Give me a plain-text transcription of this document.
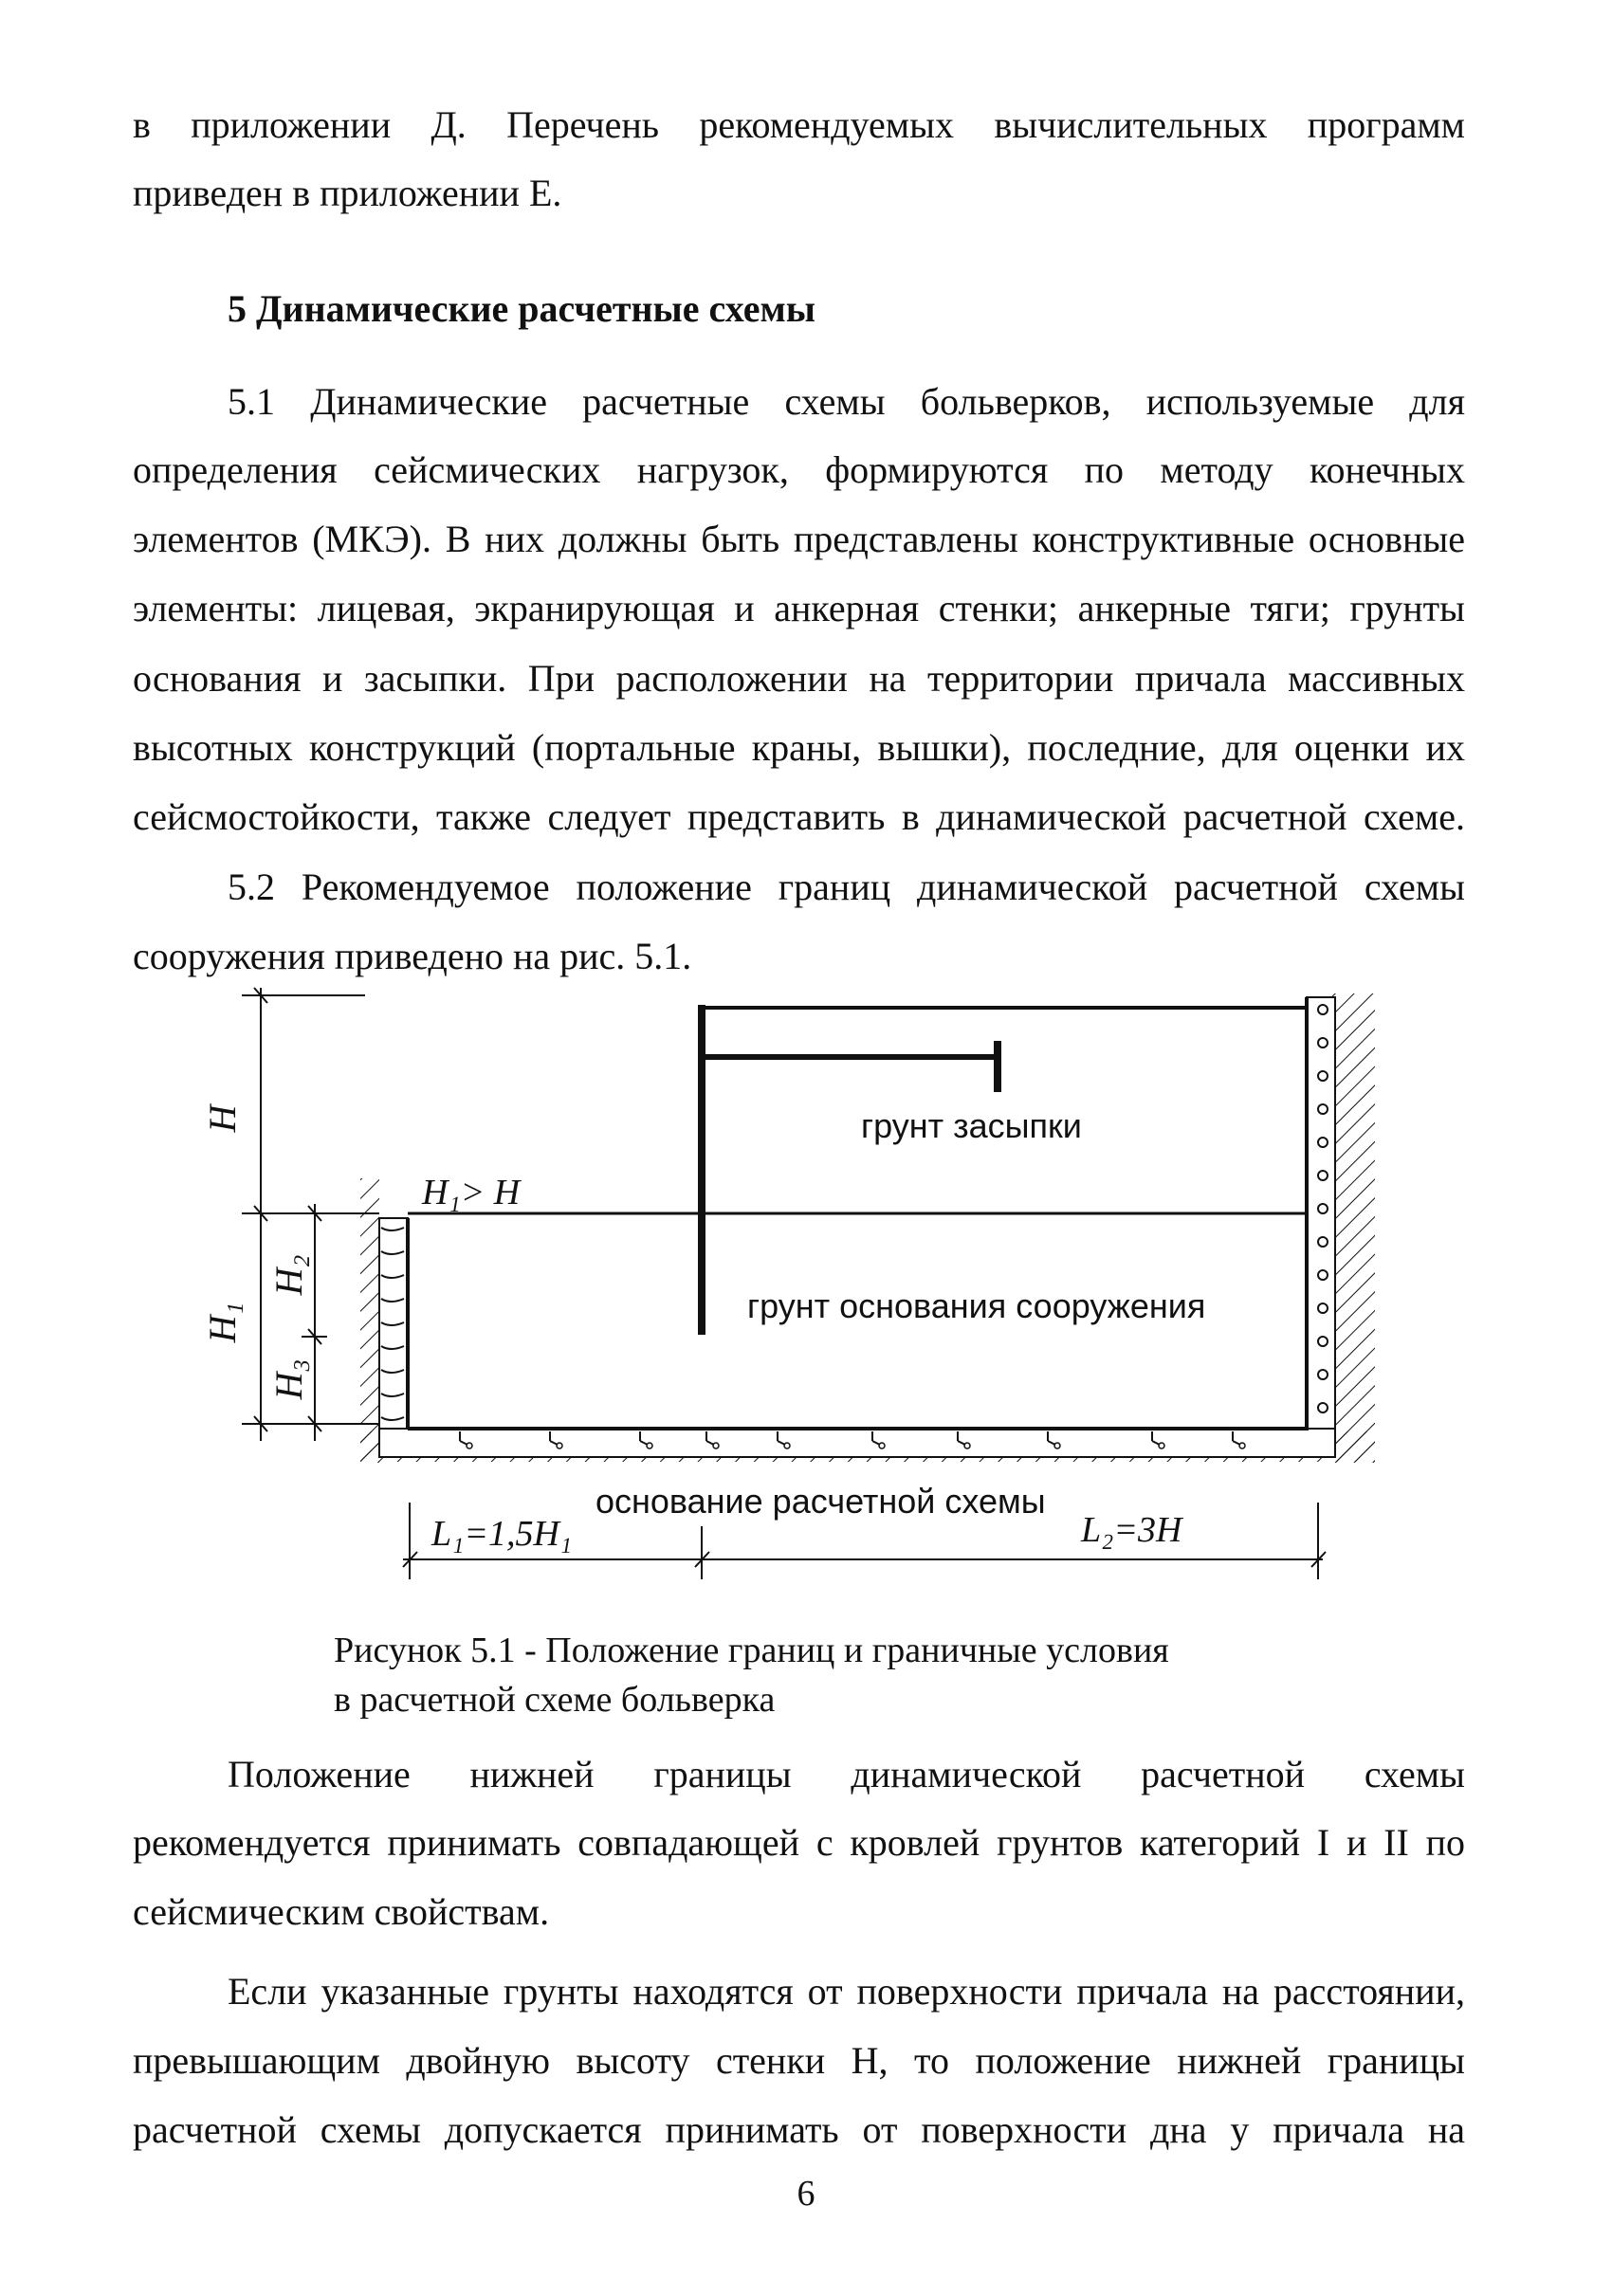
в приложении Д. Перечень рекомендуемых вычислительных программ
приведен в приложении Е.
5 Динамические расчетные схемы
5.1 Динамические расчетные схемы больверков, используемые для
определения сейсмических нагрузок, формируются по методу конечных
элементов (МКЭ). В них должны быть представлены конструктивные основные
элементы: лицевая, экранирующая и анкерная стенки; анкерные тяги; грунты
основания и засыпки. При расположении на территории причала массивных
высотных конструкций (портальные краны, вышки), последние, для оценки их
сейсмостойкости, также следует представить в динамической расчетной схеме.
5.2 Рекомендуемое положение границ динамической расчетной схемы
сооружения приведено на рис. 5.1.
H
H₁> H
H₁
H₂
H₃
грунт засыпки
грунт основания сооружения
основание расчетной схемы
L₁=1,5H₁	L₂=3H
Рисунок 5.1 - Положение границ и граничные условия
в расчетной схеме больверка
Положение нижней границы динамической расчетной схемы
рекомендуется принимать совпадающей с кровлей грунтов категорий I и II по
сейсмическим свойствам.
Если указанные грунты находятся от поверхности причала на расстоянии,
превышающим двойную высоту стенки H, то положение нижней границы
расчетной схемы допускается принимать от поверхности дна у причала на
6
